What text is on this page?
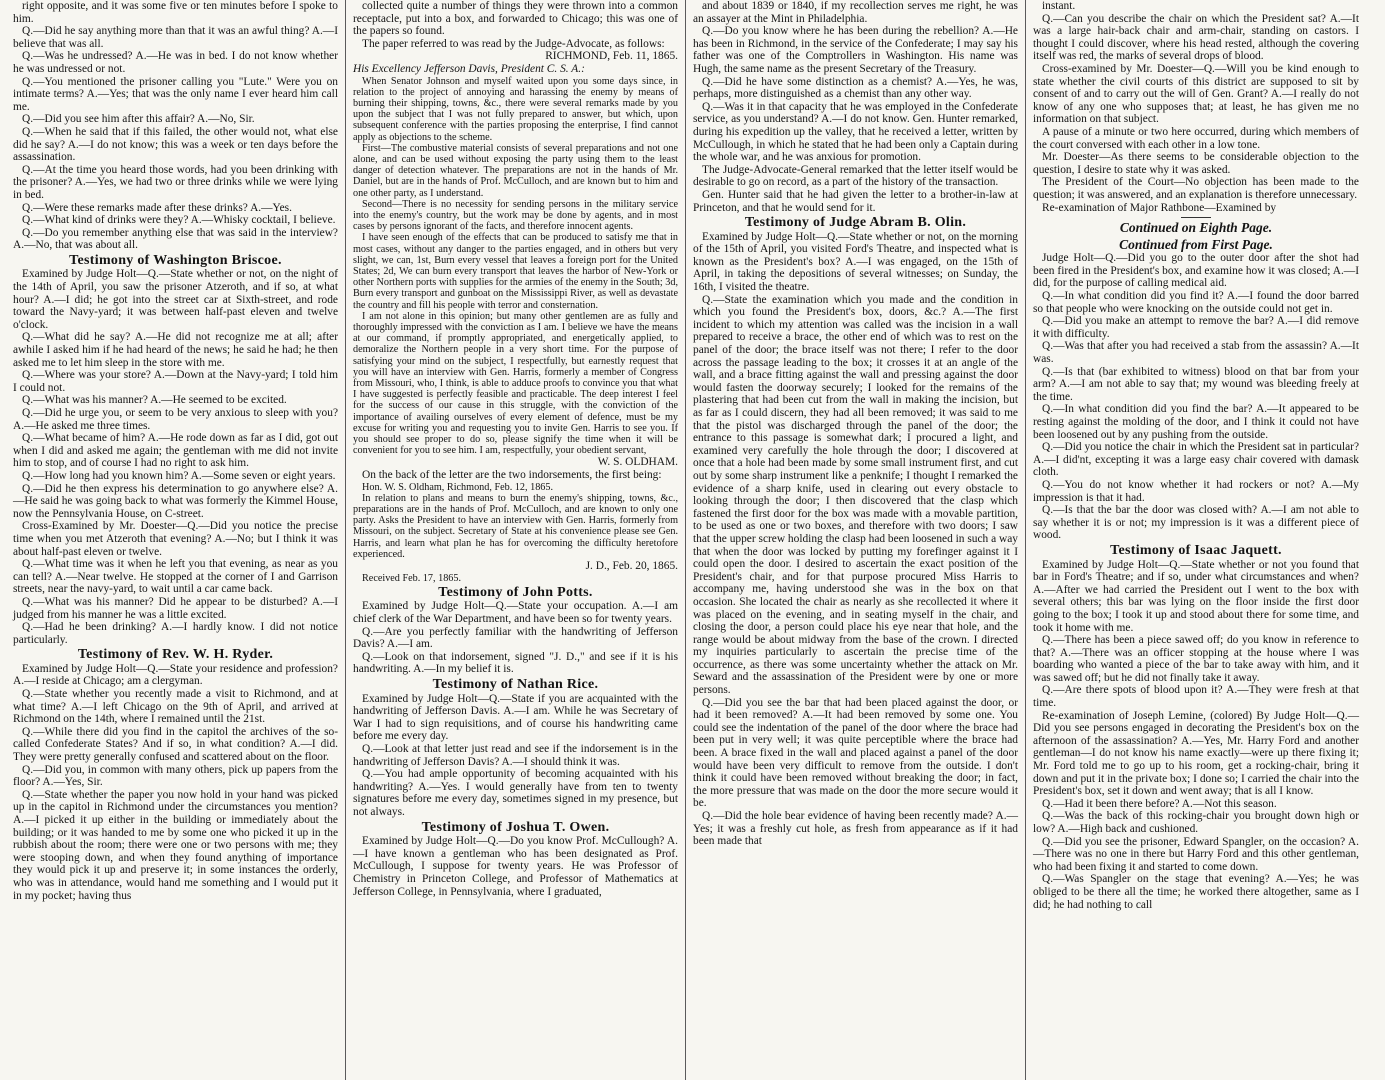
right opposite, and it was some five or ten minutes before I spoke to him.

Q.—Did he say anything more than that it was an awful thing? A.—I believe that was all.

Q.—Was he undressed? A.—He was in bed. I do not know whether he was undressed or not.

Q.—You mentioned the prisoner calling you "Lute." Were you on intimate terms? A.—Yes; that was the only name I ever heard him call me.

Q.—Did you see him after this affair? A.—No, Sir.

Q.—When he said that if this failed, the other would not, what else did he say? A.—I do not know; this was a week or ten days before the assassination.

Q.—At the time you heard those words, had you been drinking with the prisoner? A.—Yes, we had two or three drinks while we were lying in bed.

Q.—Were these remarks made after these drinks? A.—Yes.

Q.—What kind of drinks were they? A.—Whisky cocktail, I believe.

Q.—Do you remember anything else that was said in the interview? A.—No, that was about all.

Testimony of Washington Briscoe.

Examined by Judge Holt—Q.—State whether or not, on the night of the 14th of April, you saw the prisoner Atzeroth, and if so, at what hour? A.—I did; he got into the street car at Sixth-street, and rode toward the Navy-yard; it was between half-past eleven and twelve o'clock.

Q.—What did he say? A.—He did not recognize me at all; after awhile I asked him if he had heard of the news; he said he had; he then asked me to let him sleep in the store with me.

Q.—Where was your store? A.—Down at the Navy-yard; I told him I could not.

Q.—What was his manner? A.—He seemed to be excited.

Q.—Did he urge you, or seem to be very anxious to sleep with you? A.—He asked me three times.

Q.—What became of him? A.—He rode down as far as I did, got out when I did and asked me again; the gentleman with me did not invite him to stop, and of course I had no right to ask him.

Q.—How long had you known him? A.—Some seven or eight years.

Q.—Did he then express his determination to go anywhere else? A.—He said he was going back to what was formerly the Kimmel House, now the Pennsylvania House, on C-street.

Cross-Examined by Mr. Doester—Q.—Did you notice the precise time when you met Atzeroth that evening? A.—No; but I think it was about half-past eleven or twelve.

Q.—What time was it when he left you that evening, as near as you can tell? A.—Near twelve. He stopped at the corner of I and Garrison streets, near the navy-yard, to wait until a car came back.

Q.—What was his manner? Did he appear to be disturbed? A.—I judged from his manner he was a little excited.

Q.—Had he been drinking? A.—I hardly know. I did not notice particularly.

Testimony of Rev. W. H. Ryder.

Examined by Judge Holt—Q.—State your residence and profession? A.—I reside at Chicago; am a clergyman.

Q.—State whether you recently made a visit to Richmond, and at what time? A.—I left Chicago on the 9th of April, and arrived at Richmond on the 14th, where I remained until the 21st.

Q.—While there did you find in the capitol the archives of the so-called Confederate States? And if so, in what condition? A.—I did. They were pretty generally confused and scattered about on the floor.

Q.—Did you, in common with many others, pick up papers from the floor? A.—Yes, Sir.

Q.—State whether the paper you now hold in your hand was picked up in the capitol in Richmond under the circumstances you mention? A.—I picked it up either in the building or immediately about the building; or it was handed to me by some one who picked it up in the rubbish about the room; there were one or two persons with me; they were stooping down, and when they found anything of importance they would pick it up and preserve it; in some instances the orderly, who was in attendance, would hand me something and I would put it in my pocket; having thus

collected quite a number of things they were thrown into a common receptacle, put into a box, and forwarded to Chicago; this was one of the papers so found.

The paper referred to was read by the Judge-Advocate, as follows:

RICHMOND, Feb. 11, 1865.

His Excellency Jefferson Davis, President C. S. A.:

When Senator Johnson and myself waited upon you some days since, in relation to the project of annoying and harassing the enemy by means of burning their shipping, towns, &c., there were several remarks made by you upon the subject that I was not fully prepared to answer, but which, upon subsequent conference with the parties proposing the enterprise, I find cannot apply as objections to the scheme.

First—The combustive material consists of several preparations and not one alone, and can be used without exposing the party using them to the least danger of detection whatever. The preparations are not in the hands of Mr. Daniel, but are in the hands of Prof. McCulloch, and are known but to him and one other party, as I understand.

Second—There is no necessity for sending persons in the military service into the enemy's country, but the work may be done by agents, and in most cases by persons ignorant of the facts, and therefore innocent agents.

I have seen enough of the effects that can be produced to satisfy me that in most cases, without any danger to the parties engaged, and in others but very slight, we can, 1st, Burn every vessel that leaves a foreign port for the United States; 2d, We can burn every transport that leaves the harbor of New-York or other Northern ports with supplies for the armies of the enemy in the South; 3d, Burn every transport and gunboat on the Mississippi River, as well as devastate the country and fill his people with terror and consternation.

I am not alone in this opinion; but many other gentlemen are as fully and thoroughly impressed with the conviction as I am. I believe we have the means at our command, if promptly appropriated, and energetically applied, to demoralize the Northern people in a very short time. For the purpose of satisfying your mind on the subject, I respectfully, but earnestly request that you will have an interview with Gen. Harris, formerly a member of Congress from Missouri, who, I think, is able to adduce proofs to convince you that what I have suggested is perfectly feasible and practicable. The deep interest I feel for the success of our cause in this struggle, with the conviction of the importance of availing ourselves of every element of defence, must be my excuse for writing you and requesting you to invite Gen. Harris to see you. If you should see proper to do so, please signify the time when it will be convenient for you to see him. I am, respectfully, your obedient servant,

W. S. OLDHAM.

On the back of the letter are the two indorsements, the first being:

Hon. W. S. Oldham, Richmond, Feb. 12, 1865.

In relation to plans and means to burn the enemy's shipping, towns, &c., preparations are in the hands of Prof. McCulloch, and are known to only one party. Asks the President to have an interview with Gen. Harris, formerly from Missouri, on the subject. Secretary of State at his convenience please see Gen. Harris, and learn what plan he has for overcoming the difficulty heretofore experienced.

J. D., Feb. 20, 1865.

Received Feb. 17, 1865.

Testimony of John Potts.

Examined by Judge Holt—Q.—State your occupation. A.—I am chief clerk of the War Department, and have been so for twenty years.

Q.—Are you perfectly familiar with the handwriting of Jefferson Davis? A.—I am.

Q.—Look on that indorsement, signed "J. D.," and see if it is his handwriting. A.—In my belief it is.

Testimony of Nathan Rice.

Examined by Judge Holt—Q.—State if you are acquainted with the handwriting of Jefferson Davis. A.—I am. While he was Secretary of War I had to sign requisitions, and of course his handwriting came before me every day.

Q.—Look at that letter just read and see if the indorsement is in the handwriting of Jefferson Davis? A.—I should think it was.

Q.—You had ample opportunity of becoming acquainted with his handwriting? A.—Yes. I would generally have from ten to twenty signatures before me every day, sometimes signed in my presence, but not always.

Testimony of Joshua T. Owen.

Examined by Judge Holt—Q.—Do you know Prof. McCullough? A.—I have known a gentleman who has been designated as Prof. McCullough, I suppose for twenty years. He was Professor of Chemistry in Princeton College, and Professor of Mathematics at Jefferson College, in Pennsylvania, where I graduated,

and about 1839 or 1840, if my recollection serves me right, he was an assayer at the Mint in Philadelphia.

Q.—Do you know where he has been during the rebellion? A.—He has been in Richmond, in the service of the Confederate; I may say his father was one of the Comptrollers in Washington. His name was Hugh, the same name as the present Secretary of the Treasury.

Q.—Did he have some distinction as a chemist? A.—Yes, he was, perhaps, more distinguished as a chemist than any other way.

Q.—Was it in that capacity that he was employed in the Confederate service, as you understand? A.—I do not know. Gen. Hunter remarked, during his expedition up the valley, that he received a letter, written by McCullough, in which he stated that he had been only a Captain during the whole war, and he was anxious for promotion.

The Judge-Advocate-General remarked that the letter itself would be desirable to go on record, as a part of the history of the transaction.

Gen. Hunter said that he had given the letter to a brother-in-law at Princeton, and that he would send for it.

Testimony of Judge Abram B. Olin.

Examined by Judge Holt—Q.—State whether or not, on the morning of the 15th of April, you visited Ford's Theatre, and inspected what is known as the President's box? A.—I was engaged, on the 15th of April, in taking the depositions of several witnesses; on Sunday, the 16th, I visited the theatre.

Q.—State the examination which you made and the condition in which you found the President's box, doors, &c.? A.—The first incident to which my attention was called was the incision in a wall prepared to receive a brace, the other end of which was to rest on the panel of the door; the brace itself was not there; I refer to the door across the passage leading to the box; it crosses it at an angle of the wall, and a brace fitting against the wall and pressing against the door would fasten the doorway securely; I looked for the remains of the plastering that had been cut from the wall in making the incision, but as far as I could discern, they had all been removed; it was said to me that the pistol was discharged through the panel of the door; the entrance to this passage is somewhat dark; I procured a light, and examined very carefully the hole through the door; I discovered at once that a hole had been made by some small instrument first, and cut out by some sharp instrument like a penknife; I thought I remarked the evidence of a sharp knife, used in clearing out every obstacle to looking through the door; I then discovered that the clasp which fastened the first door for the box was made with a movable partition, to be used as one or two boxes, and therefore with two doors; I saw that the upper screw holding the clasp had been loosened in such a way that when the door was locked by putting my forefinger against it I could open the door. I desired to ascertain the exact position of the President's chair, and for that purpose procured Miss Harris to accompany me, having understood she was in the box on that occasion. She located the chair as nearly as she recollected it where it was placed on the evening, and in seating myself in the chair, and closing the door, a person could place his eye near that hole, and the range would be about midway from the base of the crown. I directed my inquiries particularly to ascertain the precise time of the occurrence, as there was some uncertainty whether the attack on Mr. Seward and the assassination of the President were by one or more persons.

Q.—Did you see the bar that had been placed against the door, or had it been removed? A.—It had been removed by some one. You could see the indentation of the panel of the door where the brace had been put in very well; it was quite perceptible where the brace had been. A brace fixed in the wall and placed against a panel of the door would have been very difficult to remove from the outside. I don't think it could have been removed without breaking the door; in fact, the more pressure that was made on the door the more secure would it be.

Q.—Did the hole bear evidence of having been recently made? A.—Yes; it was a freshly cut hole, as fresh from appearance as if it had been made that

instant.

Q.—Can you describe the chair on which the President sat? A.—It was a large hair-back chair and arm-chair, standing on castors. I thought I could discover, where his head rested, although the covering itself was red, the marks of several drops of blood.

Cross-examined by Mr. Doester—Q.—Will you be kind enough to state whether the civil courts of this district are supposed to sit by consent of and to carry out the will of Gen. Grant? A.—I really do not know of any one who supposes that; at least, he has given me no information on that subject.

A pause of a minute or two here occurred, during which members of the court conversed with each other in a low tone.

Mr. Doester—As there seems to be considerable objection to the question, I desire to state why it was asked.

The President of the Court—No objection has been made to the question; it was answered, and an explanation is therefore unnecessary.

Re-examination of Major Rathbone—Examined by

Continued on Eighth Page.
Continued from First Page.

Judge Holt—Q.—Did you go to the outer door after the shot had been fired in the President's box, and examine how it was closed; A.—I did, for the purpose of calling medical aid.

Q.—In what condition did you find it? A.—I found the door barred so that people who were knocking on the outside could not get in.

Q.—Did you make an attempt to remove the bar? A.—I did remove it with difficulty.

Q.—Was that after you had received a stab from the assassin? A.—It was.

Q.—Is that (bar exhibited to witness) blood on that bar from your arm? A.—I am not able to say that; my wound was bleeding freely at the time.

Q.—In what condition did you find the bar? A.—It appeared to be resting against the molding of the door, and I think it could not have been loosened out by any pushing from the outside.

Q.—Did you notice the chair in which the President sat in particular? A.—I did'nt, excepting it was a large easy chair covered with damask cloth.

Q.—You do not know whether it had rockers or not? A.—My impression is that it had.

Q.—Is that the bar the door was closed with? A.—I am not able to say whether it is or not; my impression is it was a different piece of wood.

Testimony of Isaac Jaquett.

Examined by Judge Holt—Q.—State whether or not you found that bar in Ford's Theatre; and if so, under what circumstances and when? A.—After we had carried the President out I went to the box with several others; this bar was lying on the floor inside the first door going to the box; I took it up and stood about there for some time, and took it home with me.

Q.—There has been a piece sawed off; do you know in reference to that? A.—There was an officer stopping at the house where I was boarding who wanted a piece of the bar to take away with him, and it was sawed off; but he did not finally take it away.

Q.—Are there spots of blood upon it? A.—They were fresh at that time.

Re-examination of Joseph Lemine, (colored) By Judge Holt—Q.—Did you see persons engaged in decorating the President's box on the afternoon of the assassination? A.—Yes, Mr. Harry Ford and another gentleman—I do not know his name exactly—were up there fixing it; Mr. Ford told me to go up to his room, get a rocking-chair, bring it down and put it in the private box; I done so; I carried the chair into the President's box, set it down and went away; that is all I know.

Q.—Had it been there before? A.—Not this season.

Q.—Was the back of this rocking-chair you brought down high or low? A.—High back and cushioned.

Q.—Did you see the prisoner, Edward Spangler, on the occasion? A.—There was no one in there but Harry Ford and this other gentleman, who had been fixing it and started to come down.

Q.—Was Spangler on the stage that evening? A.—Yes; he was obliged to be there all the time; he worked there altogether, same as I did; he had nothing to call
